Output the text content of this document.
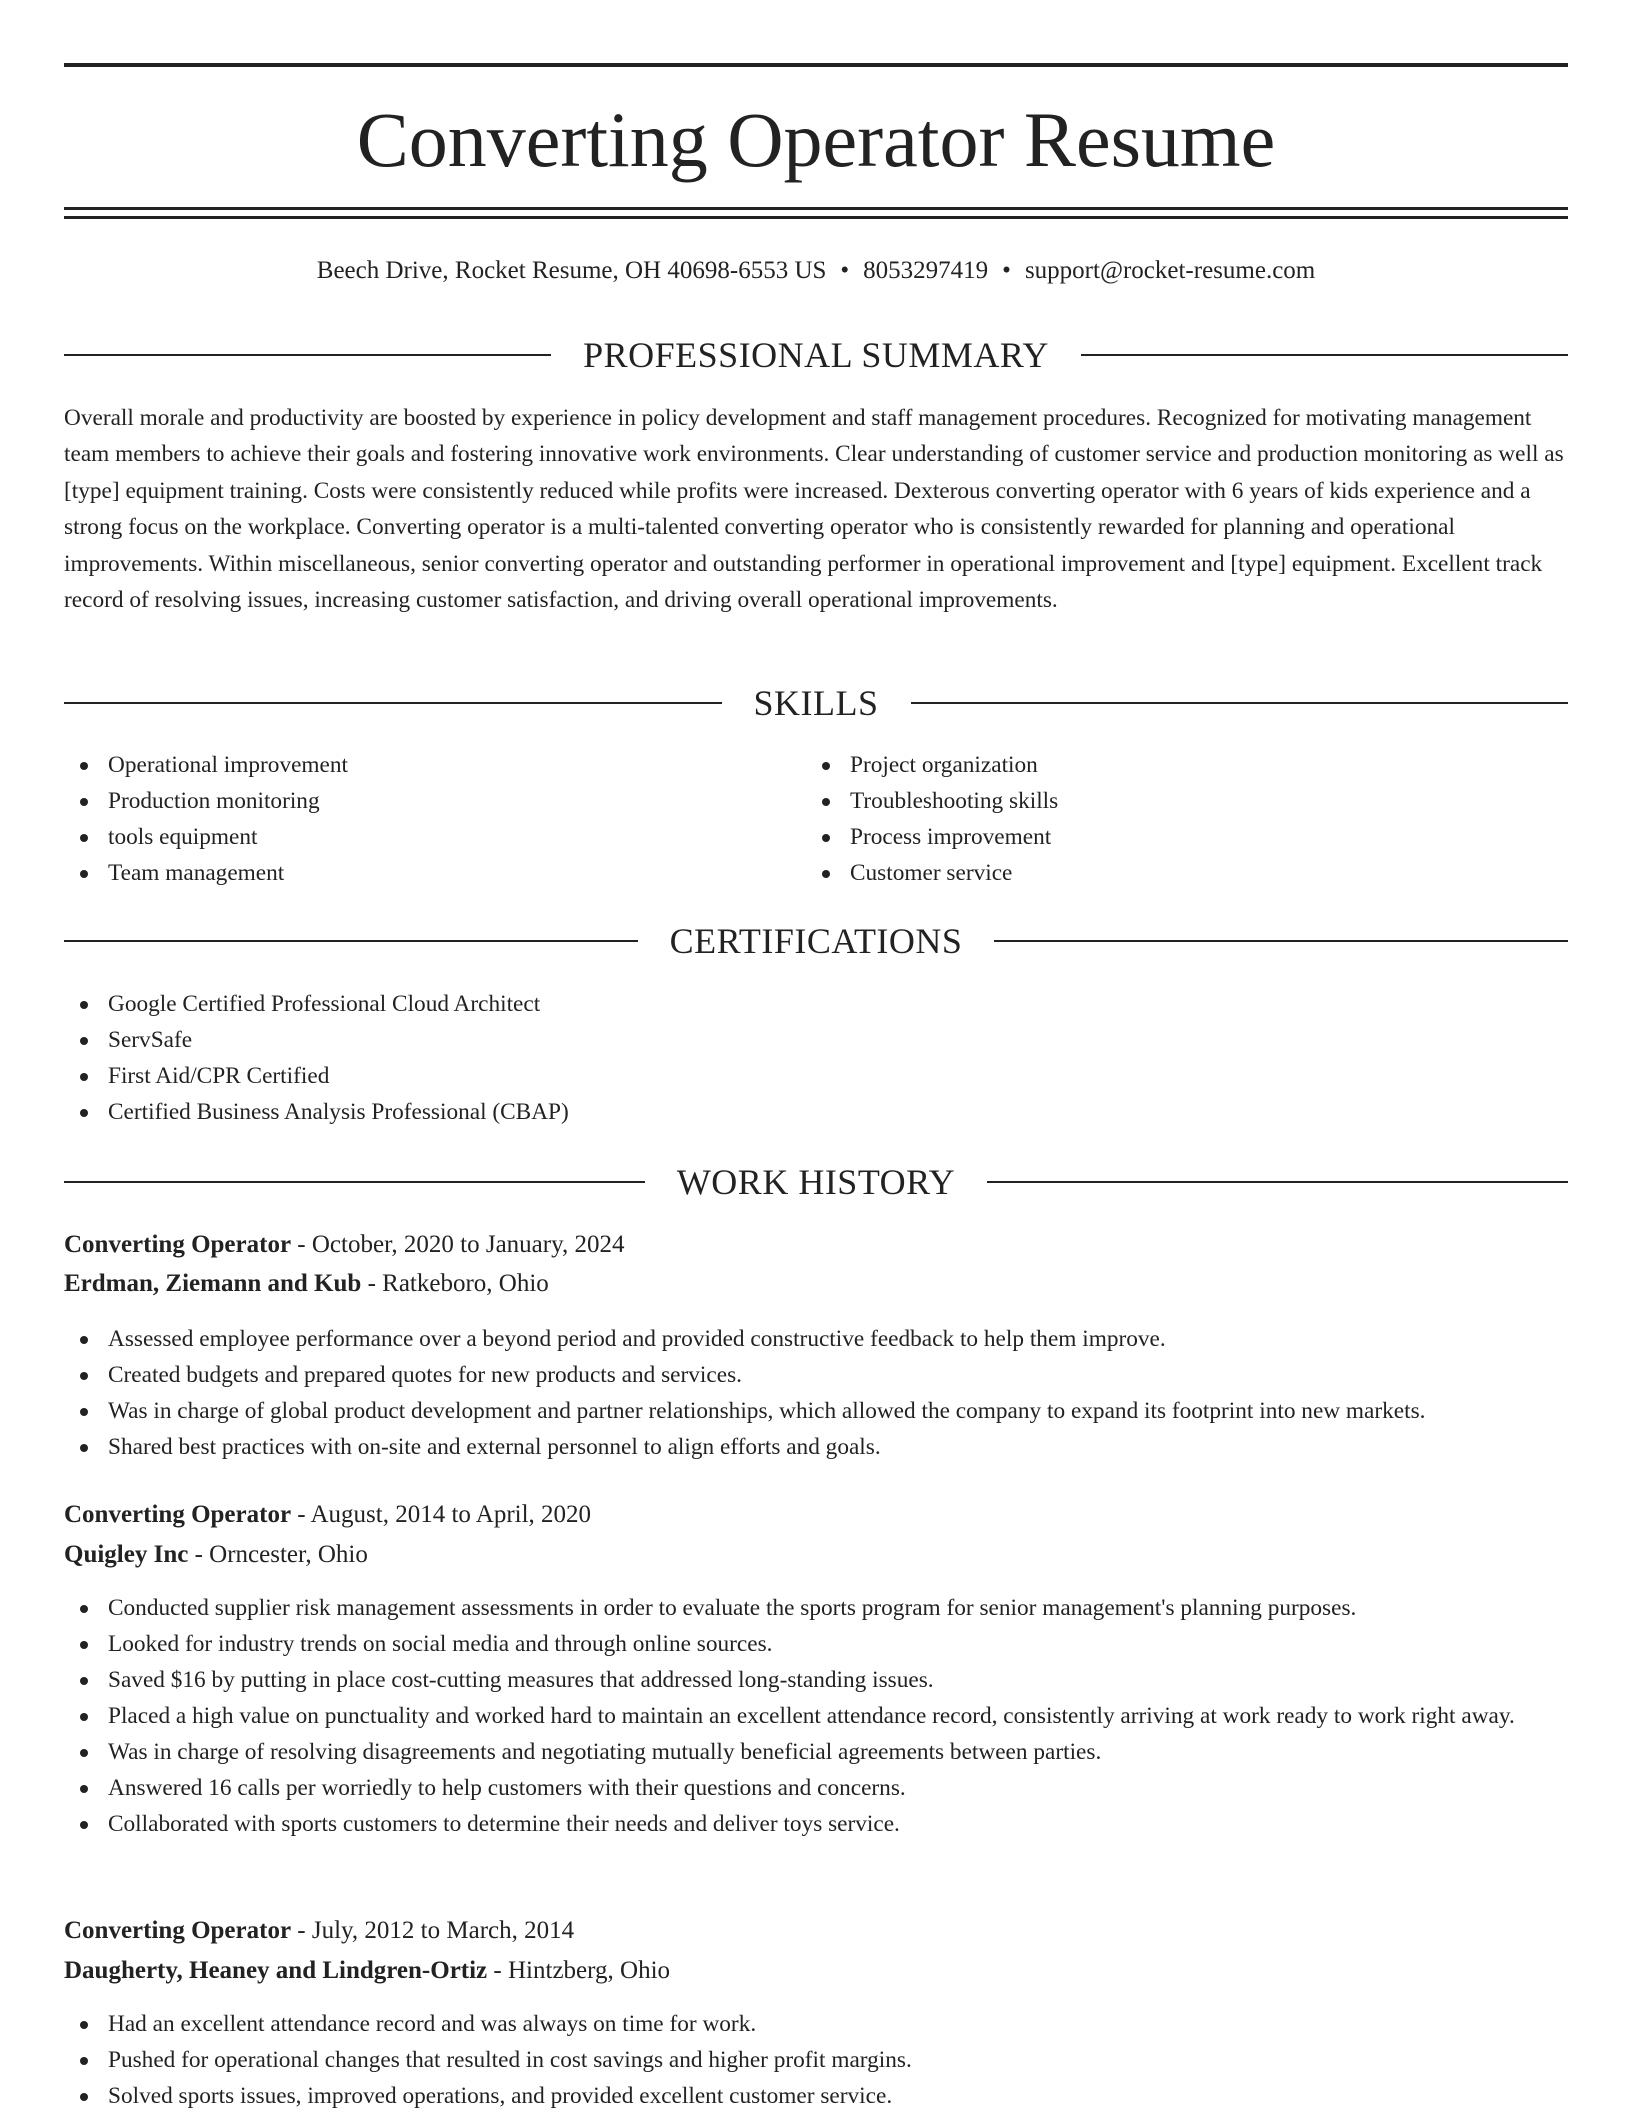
Converting Operator Resume
Beech Drive, Rocket Resume, OH 40698-6553 US • 8053297419 • support@rocket-resume.com
PROFESSIONAL SUMMARY

Overall morale and productivity are boosted by experience in policy development and staff management procedures. Recognized for motivating management team members to achieve their goals and fostering innovative work environments. Clear understanding of customer service and production monitoring as well as [type] equipment training. Costs were consistently reduced while profits were increased. Dexterous converting operator with 6 years of kids experience and a strong focus on the workplace. Converting operator is a multi-talented converting operator who is consistently rewarded for planning and operational improvements. Within miscellaneous, senior converting operator and outstanding performer in operational improvement and [type] equipment. Excellent track record of resolving issues, increasing customer satisfaction, and driving overall operational improvements.

SKILLS
Operational improvement
Production monitoring
tools equipment
Team management
Project organization
Troubleshooting skills
Process improvement
Customer service
CERTIFICATIONS
Google Certified Professional Cloud Architect
ServSafe
First Aid/CPR Certified
Certified Business Analysis Professional (CBAP)
WORK HISTORY
Converting Operator - October, 2020 to January, 2024
Erdman, Ziemann and Kub - Ratkeboro, Ohio
Assessed employee performance over a beyond period and provided constructive feedback to help them improve.
Created budgets and prepared quotes for new products and services.
Was in charge of global product development and partner relationships, which allowed the company to expand its footprint into new markets.
Shared best practices with on-site and external personnel to align efforts and goals.
Converting Operator - August, 2014 to April, 2020
Quigley Inc - Orncester, Ohio
Conducted supplier risk management assessments in order to evaluate the sports program for senior management's planning purposes.
Looked for industry trends on social media and through online sources.
Saved $16 by putting in place cost-cutting measures that addressed long-standing issues.
Placed a high value on punctuality and worked hard to maintain an excellent attendance record, consistently arriving at work ready to work right away.
Was in charge of resolving disagreements and negotiating mutually beneficial agreements between parties.
Answered 16 calls per worriedly to help customers with their questions and concerns.
Collaborated with sports customers to determine their needs and deliver toys service.
Converting Operator - July, 2012 to March, 2014
Daugherty, Heaney and Lindgren-Ortiz - Hintzberg, Ohio
Had an excellent attendance record and was always on time for work.
Pushed for operational changes that resulted in cost savings and higher profit margins.
Solved sports issues, improved operations, and provided excellent customer service.
